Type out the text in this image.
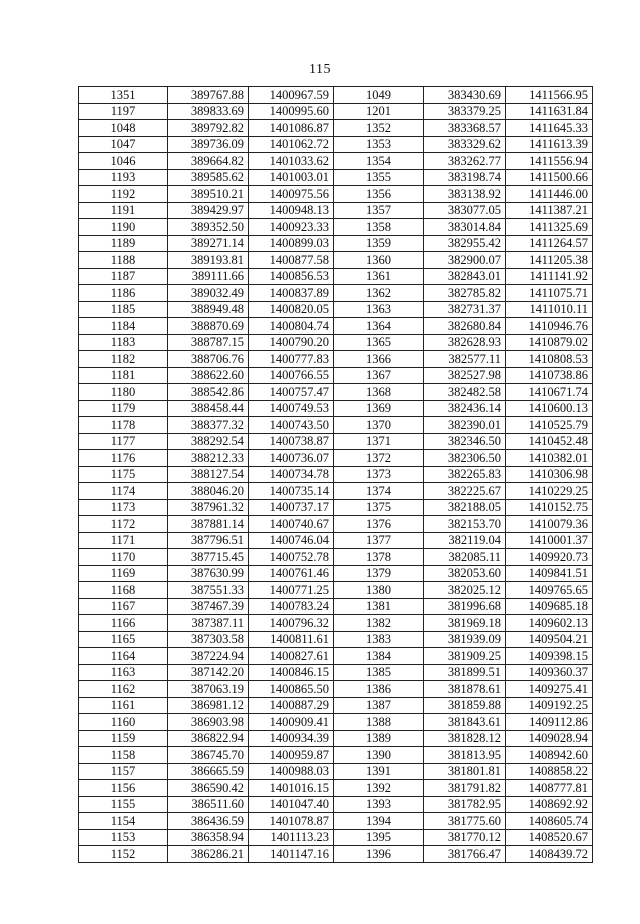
115
1351	389767.88	1400967.59	1049	383430.69	1411566.95
1197	389833.69	1400995.60	1201	383379.25	1411631.84
1048	389792.82	1401086.87	1352	383368.57	1411645.33
1047	389736.09	1401062.72	1353	383329.62	1411613.39
1046	389664.82	1401033.62	1354	383262.77	1411556.94
1193	389585.62	1401003.01	1355	383198.74	1411500.66
1192	389510.21	1400975.56	1356	383138.92	1411446.00
1191	389429.97	1400948.13	1357	383077.05	1411387.21
1190	389352.50	1400923.33	1358	383014.84	1411325.69
1189	389271.14	1400899.03	1359	382955.42	1411264.57
1188	389193.81	1400877.58	1360	382900.07	1411205.38
1187	389111.66	1400856.53	1361	382843.01	1411141.92
1186	389032.49	1400837.89	1362	382785.82	1411075.71
1185	388949.48	1400820.05	1363	382731.37	1411010.11
1184	388870.69	1400804.74	1364	382680.84	1410946.76
1183	388787.15	1400790.20	1365	382628.93	1410879.02
1182	388706.76	1400777.83	1366	382577.11	1410808.53
1181	388622.60	1400766.55	1367	382527.98	1410738.86
1180	388542.86	1400757.47	1368	382482.58	1410671.74
1179	388458.44	1400749.53	1369	382436.14	1410600.13
1178	388377.32	1400743.50	1370	382390.01	1410525.79
1177	388292.54	1400738.87	1371	382346.50	1410452.48
1176	388212.33	1400736.07	1372	382306.50	1410382.01
1175	388127.54	1400734.78	1373	382265.83	1410306.98
1174	388046.20	1400735.14	1374	382225.67	1410229.25
1173	387961.32	1400737.17	1375	382188.05	1410152.75
1172	387881.14	1400740.67	1376	382153.70	1410079.36
1171	387796.51	1400746.04	1377	382119.04	1410001.37
1170	387715.45	1400752.78	1378	382085.11	1409920.73
1169	387630.99	1400761.46	1379	382053.60	1409841.51
1168	387551.33	1400771.25	1380	382025.12	1409765.65
1167	387467.39	1400783.24	1381	381996.68	1409685.18
1166	387387.11	1400796.32	1382	381969.18	1409602.13
1165	387303.58	1400811.61	1383	381939.09	1409504.21
1164	387224.94	1400827.61	1384	381909.25	1409398.15
1163	387142.20	1400846.15	1385	381899.51	1409360.37
1162	387063.19	1400865.50	1386	381878.61	1409275.41
1161	386981.12	1400887.29	1387	381859.88	1409192.25
1160	386903.98	1400909.41	1388	381843.61	1409112.86
1159	386822.94	1400934.39	1389	381828.12	1409028.94
1158	386745.70	1400959.87	1390	381813.95	1408942.60
1157	386665.59	1400988.03	1391	381801.81	1408858.22
1156	386590.42	1401016.15	1392	381791.82	1408777.81
1155	386511.60	1401047.40	1393	381782.95	1408692.92
1154	386436.59	1401078.87	1394	381775.60	1408605.74
1153	386358.94	1401113.23	1395	381770.12	1408520.67
1152	386286.21	1401147.16	1396	381766.47	1408439.72
